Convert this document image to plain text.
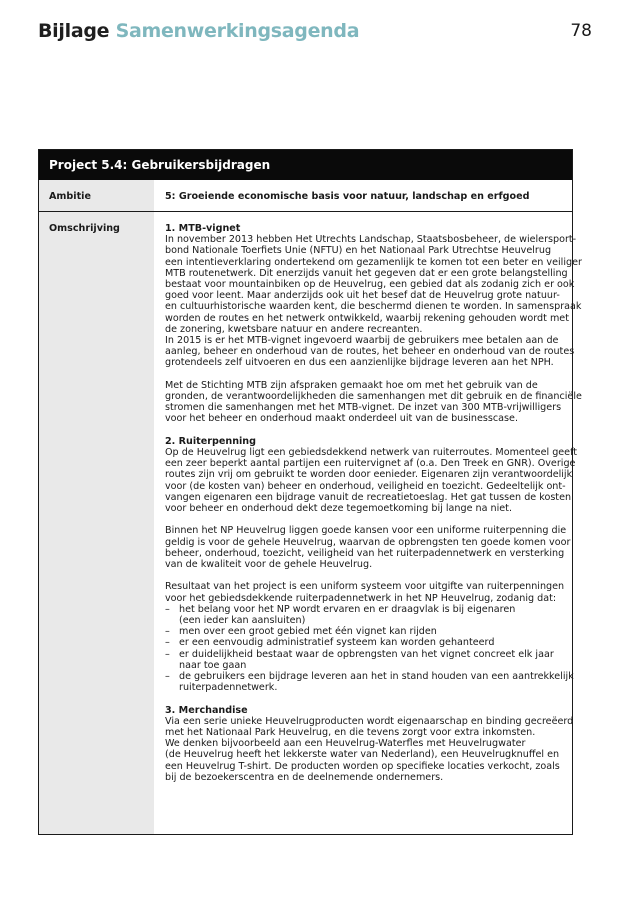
Bijlage Samenwerkingsagenda	78
Project 5.4: Gebruikersbijdragen
Ambitie	5: Groeiende economische basis voor natuur, landschap en erfgoed
Omschrijving	1. MTB-vignet
In november 2013 hebben Het Utrechts Landschap, Staatsbosbeheer, de wielersport-
bond Nationale Toerfiets Unie (NFTU) en het Nationaal Park Utrechtse Heuvelrug
een intentieverklaring ondertekend om gezamenlijk te komen tot een beter en veiliger
MTB routenetwerk. Dit enerzijds vanuit het gegeven dat er een grote belangstelling
bestaat voor mountainbiken op de Heuvelrug, een gebied dat als zodanig zich er ook
goed voor leent. Maar anderzijds ook uit het besef dat de Heuvelrug grote natuur-
en cultuurhistorische waarden kent, die beschermd dienen te worden. In samenspraak
worden de routes en het netwerk ontwikkeld, waarbij rekening gehouden wordt met
de zonering, kwetsbare natuur en andere recreanten.
In 2015 is er het MTB-vignet ingevoerd waarbij de gebruikers mee betalen aan de
aanleg, beheer en onderhoud van de routes, het beheer en onderhoud van de routes
grotendeels zelf uitvoeren en dus een aanzienlijke bijdrage leveren aan het NPH.
Met de Stichting MTB zijn afspraken gemaakt hoe om met het gebruik van de
gronden, de verantwoordelijkheden die samenhangen met dit gebruik en de financiële
stromen die samenhangen met het MTB-vignet. De inzet van 300 MTB-vrijwilligers
voor het beheer en onderhoud maakt onderdeel uit van de businesscase.
2. Ruiterpenning
Op de Heuvelrug ligt een gebiedsdekkend netwerk van ruiterroutes. Momenteel geeft
een zeer beperkt aantal partijen een ruitervignet af (o.a. Den Treek en GNR). Overige
routes zijn vrij om gebruikt te worden door eenieder. Eigenaren zijn verantwoordelijk
voor (de kosten van) beheer en onderhoud, veiligheid en toezicht. Gedeeltelijk ont-
vangen eigenaren een bijdrage vanuit de recreatietoeslag. Het gat tussen de kosten
voor beheer en onderhoud dekt deze tegemoetkoming bij lange na niet.
Binnen het NP Heuvelrug liggen goede kansen voor een uniforme ruiterpenning die
geldig is voor de gehele Heuvelrug, waarvan de opbrengsten ten goede komen voor
beheer, onderhoud, toezicht, veiligheid van het ruiterpadennetwerk en versterking
van de kwaliteit voor de gehele Heuvelrug.
Resultaat van het project is een uniform systeem voor uitgifte van ruiterpenningen
voor het gebiedsdekkende ruiterpadennetwerk in het NP Heuvelrug, zodanig dat:
– het belang voor het NP wordt ervaren en er draagvlak is bij eigenaren
(een ieder kan aansluiten)
– men over een groot gebied met één vignet kan rijden
– er een eenvoudig administratief systeem kan worden gehanteerd
– er duidelijkheid bestaat waar de opbrengsten van het vignet concreet elk jaar
naar toe gaan
– de gebruikers een bijdrage leveren aan het in stand houden van een aantrekkelijk
ruiterpadennetwerk.
3. Merchandise
Via een serie unieke Heuvelrugproducten wordt eigenaarschap en binding gecreëerd
met het Nationaal Park Heuvelrug, en die tevens zorgt voor extra inkomsten.
We denken bijvoorbeeld aan een Heuvelrug-Waterfles met Heuvelrugwater
(de Heuvelrug heeft het lekkerste water van Nederland), een Heuvelrugknuffel en
een Heuvelrug T-shirt. De producten worden op specifieke locaties verkocht, zoals
bij de bezoekerscentra en de deelnemende ondernemers.
